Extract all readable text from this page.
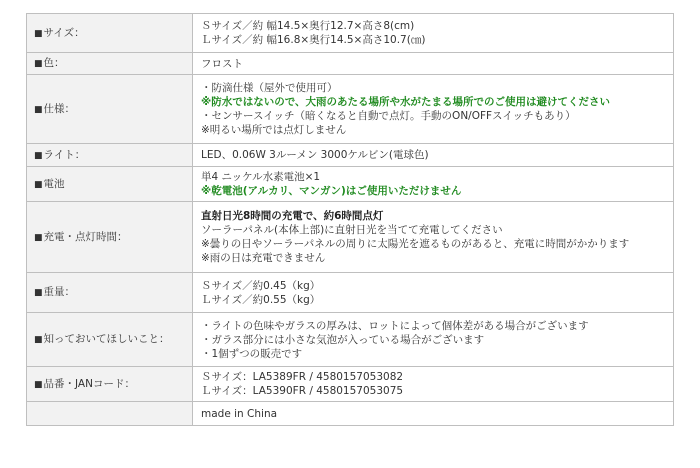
■サイズ：	Ｓサイズ／約 幅14.5×奥行12.7×高さ8(cm)
Ｌサイズ／約 幅16.8×奥行14.5×高さ10.7(㎝)

■色：	フロスト

■仕様：	・防滴仕様（屋外で使用可）
※防水ではないので、大雨のあたる場所や水がたまる場所でのご使用は避けてください
・センサースイッチ（暗くなると自動で点灯。手動のON/OFFスイッチもあり）
※明るい場所では点灯しません

■ライト：	LED、0.06W 3ルーメン 3000ケルビン(電球色)

■電池	単4 ニッケル水素電池×1
※乾電池(アルカリ、マンガン)はご使用いただけません

■充電・点灯時間：	直射日光8時間の充電で、約6時間点灯
ソーラーパネル(本体上部)に直射日光を当てて充電してください
※曇りの日やソーラーパネルの周りに太陽光を遮るものがあると、充電に時間がかかります
※雨の日は充電できません

■重量：	Ｓサイズ／約0.45（kg）
Ｌサイズ／約0.55（kg）

■知っておいてほしいこと：	・ライトの色味やガラスの厚みは、ロットによって個体差がある場合がございます
・ガラス部分には小さな気泡が入っている場合がございます
・1個ずつの販売です

■品番・JANコード：	Ｓサイズ：LA5389FR / 4580157053082
Ｌサイズ：LA5390FR / 4580157053075

	made in China
